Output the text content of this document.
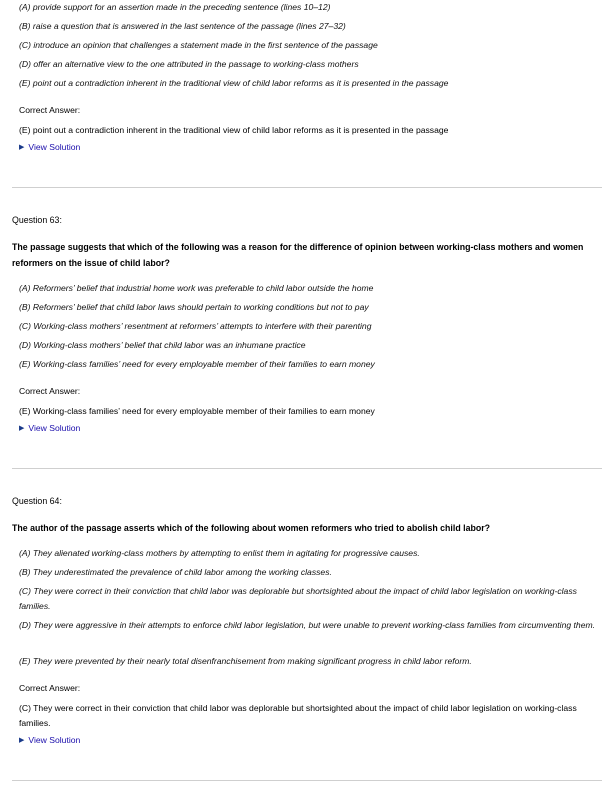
(A) provide support for an assertion made in the preceding sentence (lines 10–12)
(B) raise a question that is answered in the last sentence of the passage (lines 27–32)
(C) introduce an opinion that challenges a statement made in the first sentence of the passage
(D) offer an alternative view to the one attributed in the passage to working-class mothers
(E) point out a contradiction inherent in the traditional view of child labor reforms as it is presented in the passage
Correct Answer:
(E) point out a contradiction inherent in the traditional view of child labor reforms as it is presented in the passage
▶ View Solution
Question 63:
The passage suggests that which of the following was a reason for the difference of opinion between working-class mothers and women reformers on the issue of child labor?
(A) Reformers’ belief that industrial home work was preferable to child labor outside the home
(B) Reformers’ belief that child labor laws should pertain to working conditions but not to pay
(C) Working-class mothers’ resentment at reformers’ attempts to interfere with their parenting
(D) Working-class mothers’ belief that child labor was an inhumane practice
(E) Working-class families’ need for every employable member of their families to earn money
Correct Answer:
(E) Working-class families’ need for every employable member of their families to earn money
▶ View Solution
Question 64:
The author of the passage asserts which of the following about women reformers who tried to abolish child labor?
(A) They alienated working-class mothers by attempting to enlist them in agitating for progressive causes.
(B) They underestimated the prevalence of child labor among the working classes.
(C) They were correct in their conviction that child labor was deplorable but shortsighted about the impact of child labor legislation on working-class families.
(D) They were aggressive in their attempts to enforce child labor legislation, but were unable to prevent working-class families from circumventing them.
(E) They were prevented by their nearly total disenfranchisement from making significant progress in child labor reform.
Correct Answer:
(C) They were correct in their conviction that child labor was deplorable but shortsighted about the impact of child labor legislation on working-class families.
▶ View Solution
